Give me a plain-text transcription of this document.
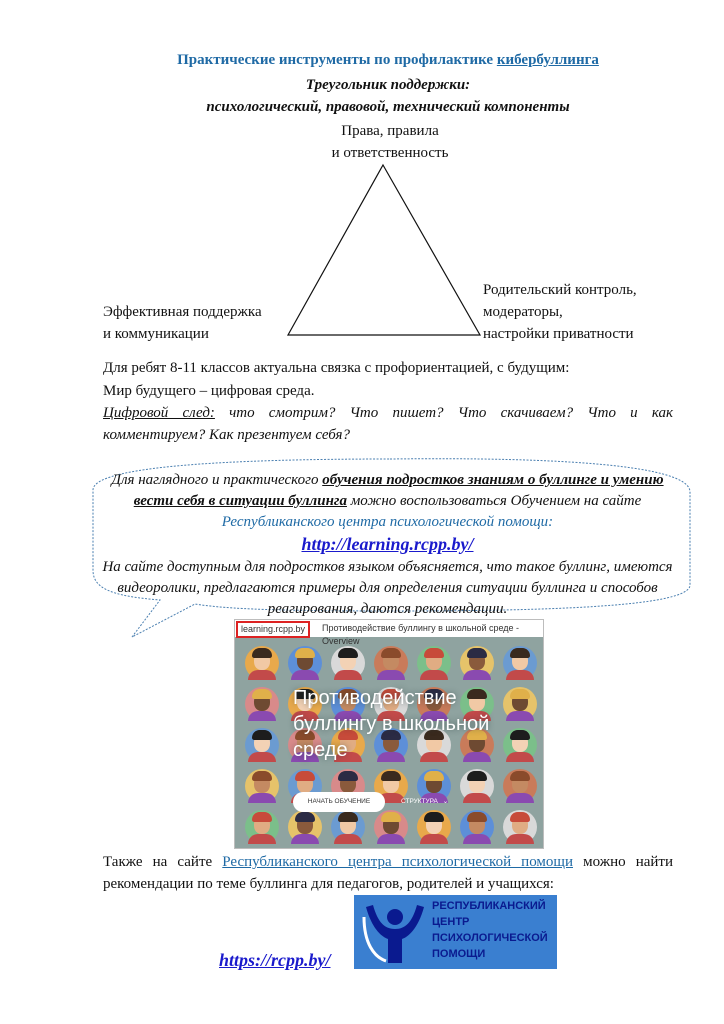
Практические инструменты по профилактике кибербуллинга
Треугольник поддержки:
психологический, правовой, технический компоненты
Права, правила
и ответственность
Эффективная поддержка
и коммуникации
Родительский контроль,
модераторы,
настройки приватности
Для ребят 8-11 классов актуальна связка с профориентацией, с будущим:
Мир будущего – цифровая среда.
Цифровой след: что смотрим? Что пишет? Что скачиваем? Что и как комментируем? Как презентуем себя?
Для наглядного и практического обучения подростков знаниям о буллинге и умению вести себя в ситуации буллинга можно воспользоваться Обучением на сайте Республиканского центра психологической помощи:
http://learning.rcpp.by/
На сайте доступным для подростков языком объясняется, что такое буллинг, имеются видеоролики, предлагаются примеры для определения ситуации буллинга и способов реагирования, даются рекомендации.
learning.rcpp.by	Противодействие буллингу в школьной среде - Overview
Противодействие буллингу в школьной среде
НАЧАТЬ ОБУЧЕНИЕ	СТРУКТУРА ⌄
Также на сайте Республиканского центра психологической помощи можно найти рекомендации по теме буллинга для педагогов, родителей и учащихся:
РЕСПУБЛИКАНСКИЙ
ЦЕНТР
ПСИХОЛОГИЧЕСКОЙ
ПОМОЩИ
https://rcpp.by/
